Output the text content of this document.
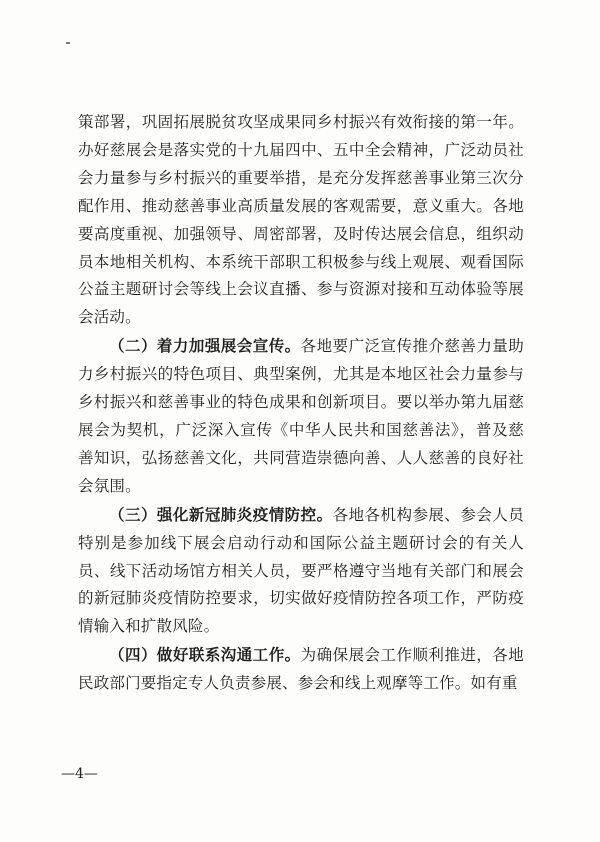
策部署，巩固拓展脱贫攻坚成果同乡村振兴有效衔接的第一年。办好慈展会是落实党的十九届四中、五中全会精神，广泛动员社会力量参与乡村振兴的重要举措，是充分发挥慈善事业第三次分配作用、推动慈善事业高质量发展的客观需要，意义重大。各地要高度重视、加强领导、周密部署，及时传达展会信息，组织动员本地相关机构、本系统干部职工积极参与线上观展、观看国际公益主题研讨会等线上会议直播、参与资源对接和互动体验等展会活动。

（二）着力加强展会宣传。各地要广泛宣传推介慈善力量助力乡村振兴的特色项目、典型案例，尤其是本地区社会力量参与乡村振兴和慈善事业的特色成果和创新项目。要以举办第九届慈展会为契机，广泛深入宣传《中华人民共和国慈善法》，普及慈善知识，弘扬慈善文化，共同营造崇德向善、人人慈善的良好社会氛围。

（三）强化新冠肺炎疫情防控。各地各机构参展、参会人员特别是参加线下展会启动行动和国际公益主题研讨会的有关人员、线下活动场馆方相关人员，要严格遵守当地有关部门和展会的新冠肺炎疫情防控要求，切实做好疫情防控各项工作，严防疫情输入和扩散风险。

（四）做好联系沟通工作。为确保展会工作顺利推进，各地民政部门要指定专人负责参展、参会和线上观摩等工作。如有重

—4—
